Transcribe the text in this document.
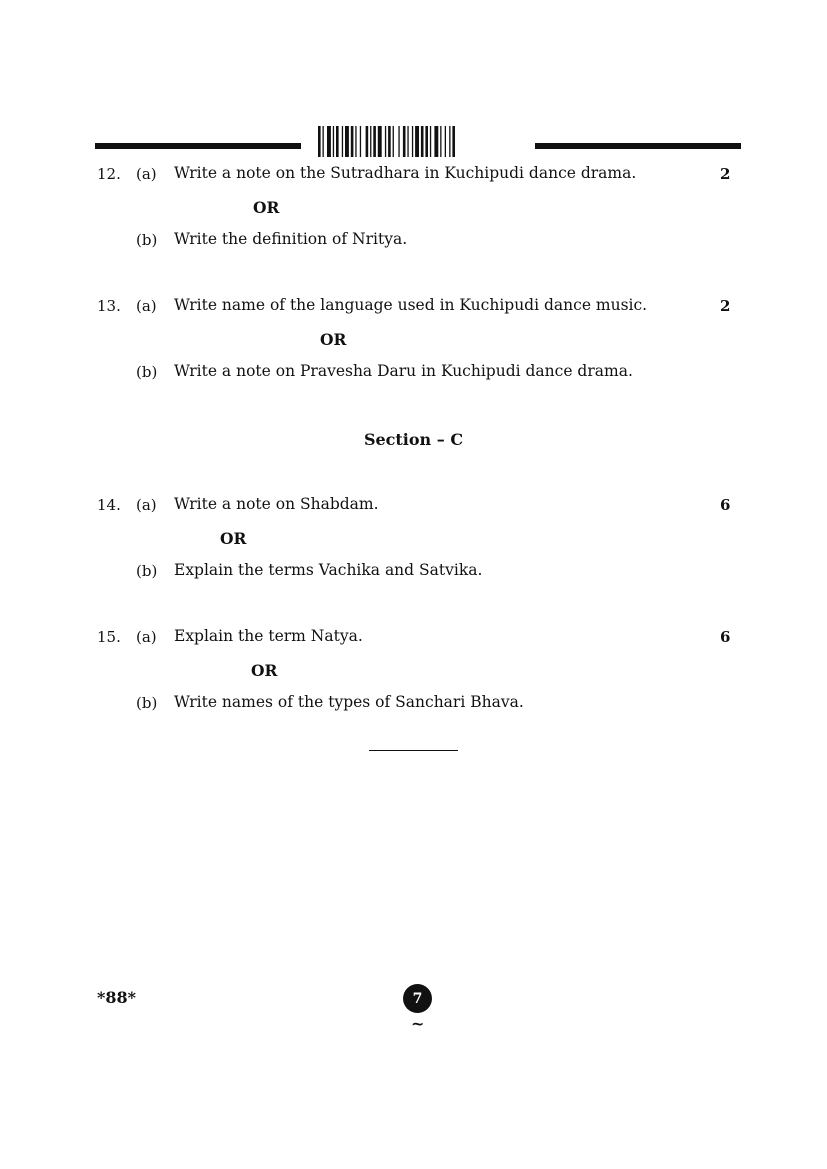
12. (a) Write a note on the Sutradhara in Kuchipudi dance drama.	2
OR
(b) Write the definition of Nritya.
13. (a) Write name of the language used in Kuchipudi dance music.	2
OR
(b) Write a note on Pravesha Daru in Kuchipudi dance drama.
Section – C
14. (a) Write a note on Shabdam.	6
OR
(b) Explain the terms Vachika and Satvika.
15. (a) Explain the term Natya.	6
OR
(b) Write names of the types of Sanchari Bhava.
*88*	7
~
